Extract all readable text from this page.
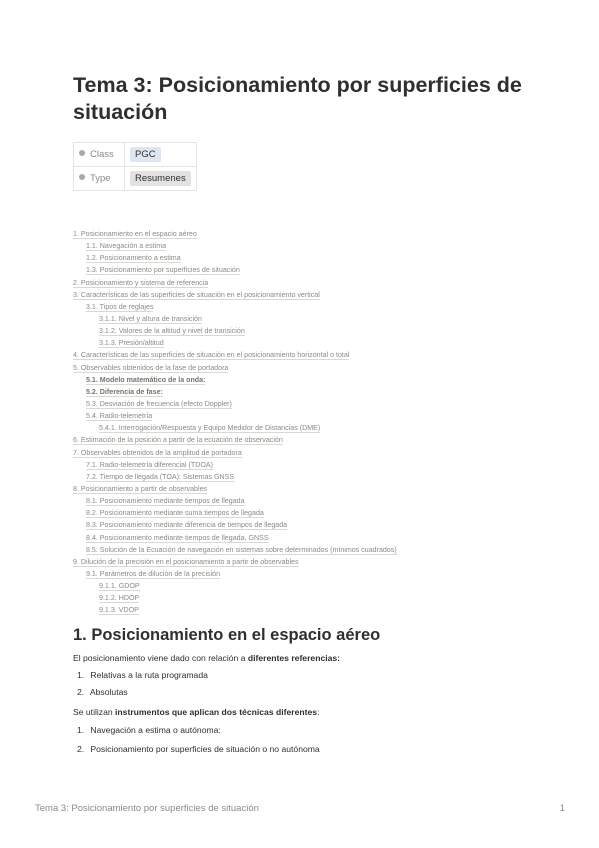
Tema 3: Posicionamiento por superficies de situación
Class	PGC
Type	Resumenes
1. Posicionamiento en el espacio aéreo
1.1. Navegación a estima
1.2. Posicionamiento a estima
1.3. Posicionamiento por superficies de situación
2. Posicionamiento y sistema de referencia
3. Características de las superficies de situación en el posicionamiento vertical
3.1. Tipos de reglajes
3.1.1. Nivel y altura de transición
3.1.2. Valores de la altitud y nivel de transición
3.1.3. Presión/altitud
4. Características de las superficies de situación en el posicionamiento horizontal o total
5. Observables obtenidos de la fase de portadora
5.1. Modelo matemático de la onda:
5.2. Diferencia de fase:
5.3. Desviación de frecuencia (efecto Doppler)
5.4. Radio-telemetría
5.4.1. Interrogación/Respuesta y Equipo Medidor de Distancias (DME)
6. Estimación de la posición a partir de la ecuación de observación
7. Observables obtenidos de la amplitud de portadora
7.1. Radio-telemetría diferencial (TDOA)
7.2. Tiempo de llegada (TOA): Sistemas GNSS
8. Posicionamiento a partir de observables
8.1. Posicionamiento mediante tiempos de llegada
8.2. Posicionamiento mediante suma tiempos de llegada
8.3. Posicionamiento mediante diferencia de tiempos de llegada
8.4. Posicionamiento mediante tiempos de llegada, GNSS
8.5. Solución de la Ecuación de navegación en sistemas sobre determinados (mínimos cuadrados)
9. Dilución de la precisión en el posicionamiento a partir de observables
9.1. Parámetros de dilución de la precisión
9.1.1. GDOP
9.1.2. HDOP
9.1.3. VDOP
1. Posicionamiento en el espacio aéreo

El posicionamiento viene dado con relación a diferentes referencias:

1. Relativas a la ruta programada
2. Absolutas

Se utilizan instrumentos que aplican dos técnicas diferentes:

1. Navegación a estima o autónoma:
2. Posicionamiento por superficies de situación o no autónoma
Tema 3: Posicionamiento por superficies de situación	1
